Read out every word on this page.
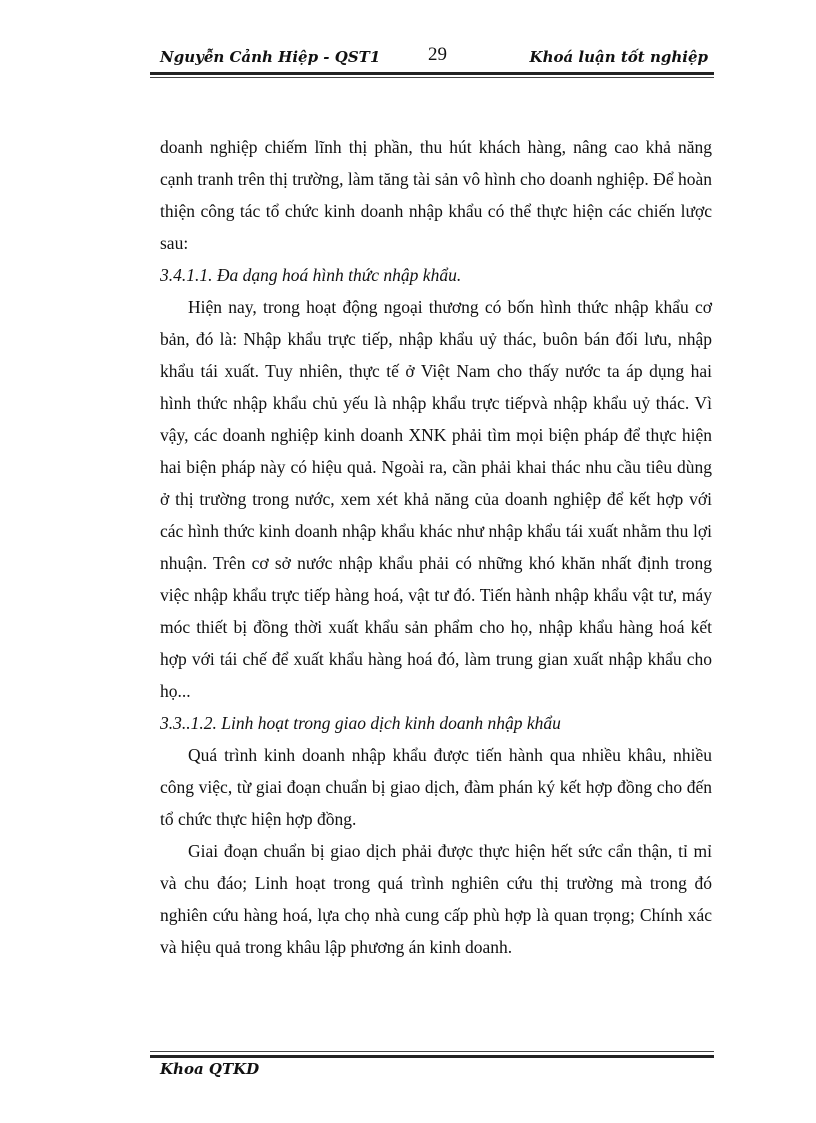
Nguyễn Cảnh Hiệp - QST1	29	Khoá luận tốt nghiệp

doanh nghiệp chiếm lĩnh thị phần, thu hút khách hàng, nâng cao khả năng cạnh tranh trên thị trường, làm tăng tài sản vô hình cho doanh nghiệp. Để hoàn thiện công tác tổ chức kinh doanh nhập khẩu có thể thực hiện các chiến lược sau:

3.4.1.1. Đa dạng hoá hình thức nhập khẩu.

Hiện nay, trong hoạt động ngoại thương có bốn hình thức nhập khẩu cơ bản, đó là: Nhập khẩu trực tiếp, nhập khẩu uỷ thác, buôn bán đối lưu, nhập khẩu tái xuất. Tuy nhiên, thực tế ở Việt Nam cho thấy nước ta áp dụng hai hình thức nhập khẩu chủ yếu là nhập khẩu trực tiếpvà nhập khẩu uỷ thác. Vì vậy, các doanh nghiệp kinh doanh XNK phải tìm mọi biện pháp để thực hiện hai biện pháp này có hiệu quả. Ngoài ra, cần phải khai thác nhu cầu tiêu dùng ở thị trường trong nước, xem xét khả năng của doanh nghiệp để kết hợp với các hình thức kinh doanh nhập khẩu khác như nhập khẩu tái xuất nhằm thu lợi nhuận. Trên cơ sở nước nhập khẩu phải có những khó khăn nhất định trong việc nhập khẩu trực tiếp hàng hoá, vật tư đó. Tiến hành nhập khẩu vật tư, máy móc thiết bị đồng thời xuất khẩu sản phẩm cho họ, nhập khẩu hàng hoá kết hợp với tái chế để xuất khẩu hàng hoá đó, làm trung gian xuất nhập khẩu cho họ...

3.3..1.2. Linh hoạt trong giao dịch kinh doanh nhập khẩu

Quá trình kinh doanh nhập khẩu được tiến hành qua nhiều khâu, nhiều công việc, từ giai đoạn chuẩn bị giao dịch, đàm phán ký kết hợp đồng cho đến tổ chức thực hiện hợp đồng.

Giai đoạn chuẩn bị giao dịch phải được thực hiện hết sức cẩn thận, tỉ mỉ và chu đáo; Linh hoạt trong quá trình nghiên cứu thị trường mà trong đó nghiên cứu hàng hoá, lựa chọ nhà cung cấp phù hợp là quan trọng; Chính xác và hiệu quả trong khâu lập phương án kinh doanh.

Khoa QTKD
